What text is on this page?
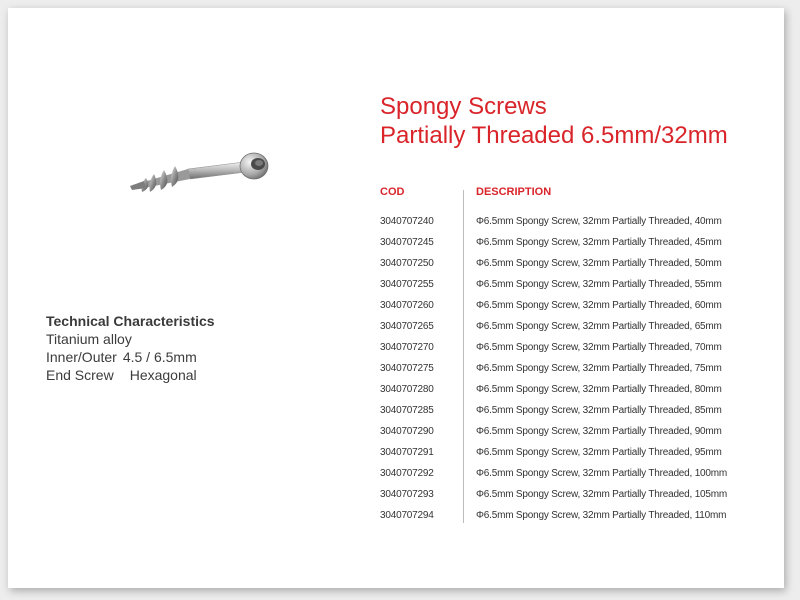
Spongy Screws
Partially Threaded 6.5mm/32mm
Technical Characteristics
Titanium alloy
Inner/Outer 4.5 / 6.5mm
End Screw Hexagonal
COD	DESCRIPTION
3040707240	Φ6.5mm Spongy Screw, 32mm Partially Threaded, 40mm
3040707245	Φ6.5mm Spongy Screw, 32mm Partially Threaded, 45mm
3040707250	Φ6.5mm Spongy Screw, 32mm Partially Threaded, 50mm
3040707255	Φ6.5mm Spongy Screw, 32mm Partially Threaded, 55mm
3040707260	Φ6.5mm Spongy Screw, 32mm Partially Threaded, 60mm
3040707265	Φ6.5mm Spongy Screw, 32mm Partially Threaded, 65mm
3040707270	Φ6.5mm Spongy Screw, 32mm Partially Threaded, 70mm
3040707275	Φ6.5mm Spongy Screw, 32mm Partially Threaded, 75mm
3040707280	Φ6.5mm Spongy Screw, 32mm Partially Threaded, 80mm
3040707285	Φ6.5mm Spongy Screw, 32mm Partially Threaded, 85mm
3040707290	Φ6.5mm Spongy Screw, 32mm Partially Threaded, 90mm
3040707291	Φ6.5mm Spongy Screw, 32mm Partially Threaded, 95mm
3040707292	Φ6.5mm Spongy Screw, 32mm Partially Threaded, 100mm
3040707293	Φ6.5mm Spongy Screw, 32mm Partially Threaded, 105mm
3040707294	Φ6.5mm Spongy Screw, 32mm Partially Threaded, 110mm
